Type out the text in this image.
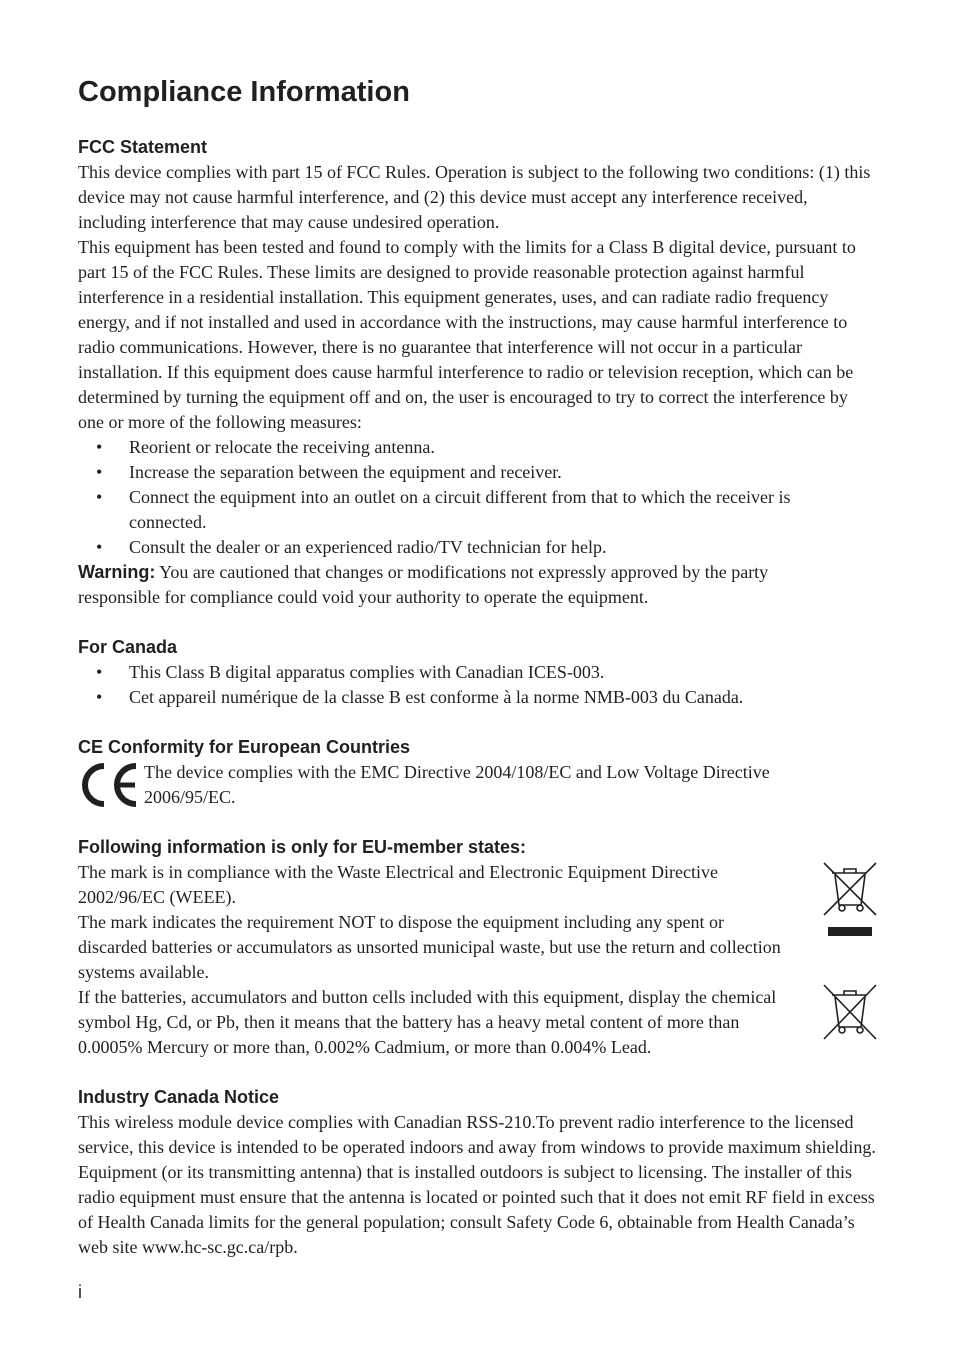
Compliance Information
FCC Statement

This device complies with part 15 of FCC Rules. Operation is subject to the following two conditions: (1) this device may not cause harmful interference, and (2) this device must accept any interference received, including interference that may cause undesired operation.

This equipment has been tested and found to comply with the limits for a Class B digital device, pursuant to part 15 of the FCC Rules. These limits are designed to provide reasonable protection against harmful interference in a residential installation. This equipment generates, uses, and can radiate radio frequency energy, and if not installed and used in accordance with the instructions, may cause harmful interference to radio communications. However, there is no guarantee that interference will not occur in a particular installation. If this equipment does cause harmful interference to radio or television reception, which can be determined by turning the equipment off and on, the user is encouraged to try to correct the interference by one or more of the following measures:

• Reorient or relocate the receiving antenna.
• Increase the separation between the equipment and receiver.
• Connect the equipment into an outlet on a circuit different from that to which the receiver is connected.
• Consult the dealer or an experienced radio/TV technician for help.

Warning: You are cautioned that changes or modifications not expressly approved by the party responsible for compliance could void your authority to operate the equipment.

For Canada
• This Class B digital apparatus complies with Canadian ICES-003.
• Cet appareil numérique de la classe B est conforme à la norme NMB-003 du Canada.
CE Conformity for European Countries

The device complies with the EMC Directive 2004/108/EC and Low Voltage Directive 2006/95/EC.

Following information is only for EU-member states:

The mark is in compliance with the Waste Electrical and Electronic Equipment Directive 2002/96/EC (WEEE).

The mark indicates the requirement NOT to dispose the equipment including any spent or discarded batteries or accumulators as unsorted municipal waste, but use the return and collection systems available.

If the batteries, accumulators and button cells included with this equipment, display the chemical symbol Hg, Cd, or Pb, then it means that the battery has a heavy metal content of more than 0.0005% Mercury or more than, 0.002% Cadmium, or more than 0.004% Lead.

Industry Canada Notice

This wireless module device complies with Canadian RSS-210.To prevent radio interference to the licensed service, this device is intended to be operated indoors and away from windows to provide maximum shielding. Equipment (or its transmitting antenna) that is installed outdoors is subject to licensing. The installer of this radio equipment must ensure that the antenna is located or pointed such that it does not emit RF field in excess of Health Canada limits for the general population; consult Safety Code 6, obtainable from Health Canada’s web site www.hc-sc.gc.ca/rpb.

i
